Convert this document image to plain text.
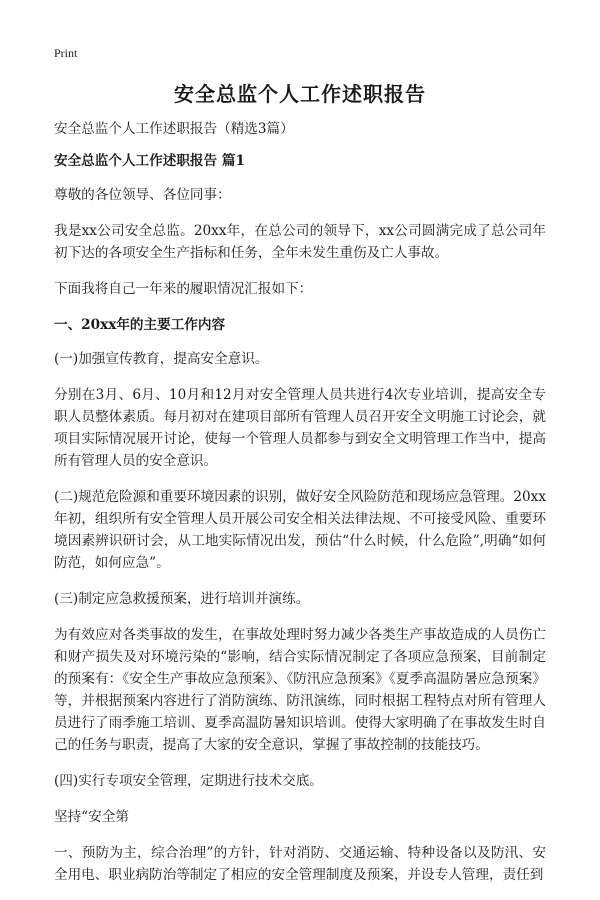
Print
安全总监个人工作述职报告

安全总监个人工作述职报告（精选3篇）

安全总监个人工作述职报告 篇1

尊敬的各位领导、各位同事：

我是xx公司安全总监。20xx年，在总公司的领导下，xx公司圆满完成了总公司年初下达的各项安全生产指标和任务，全年未发生重伤及亡人事故。

下面我将自己一年来的履职情况汇报如下：

一、20xx年的主要工作内容

(一)加强宣传教育，提高安全意识。

分别在3月、6月、10月和12月对安全管理人员共进行4次专业培训，提高安全专职人员整体素质。每月初对在建项目部所有管理人员召开安全文明施工讨论会，就项目实际情况展开讨论，使每一个管理人员都参与到安全文明管理工作当中，提高所有管理人员的安全意识。

(二)规范危险源和重要环境因素的识别，做好安全风险防范和现场应急管理。20xx年初，组织所有安全管理人员开展公司安全相关法律法规、不可接受风险、重要环境因素辨识研讨会，从工地实际情况出发，预估“什么时候，什么危险”,明确“如何防范，如何应急”。

(三)制定应急救援预案，进行培训并演练。

为有效应对各类事故的发生，在事故处理时努力减少各类生产事故造成的人员伤亡和财产损失及对环境污染的“影响，结合实际情况制定了各项应急预案，目前制定的预案有：《安全生产事故应急预案》、《防汛应急预案》《夏季高温防暑应急预案》等，并根据预案内容进行了消防演练、防汛演练，同时根据工程特点对所有管理人员进行了雨季施工培训、夏季高温防暑知识培训。使得大家明确了在事故发生时自己的任务与职责，提高了大家的安全意识，掌握了事故控制的技能技巧。

(四)实行专项安全管理，定期进行技术交底。

坚持“安全第

一、预防为主，综合治理”的方针，针对消防、交通运输、特种设备以及防汛、安全用电、职业病防治等制定了相应的安全管理制度及预案，并设专人管理，责任到
